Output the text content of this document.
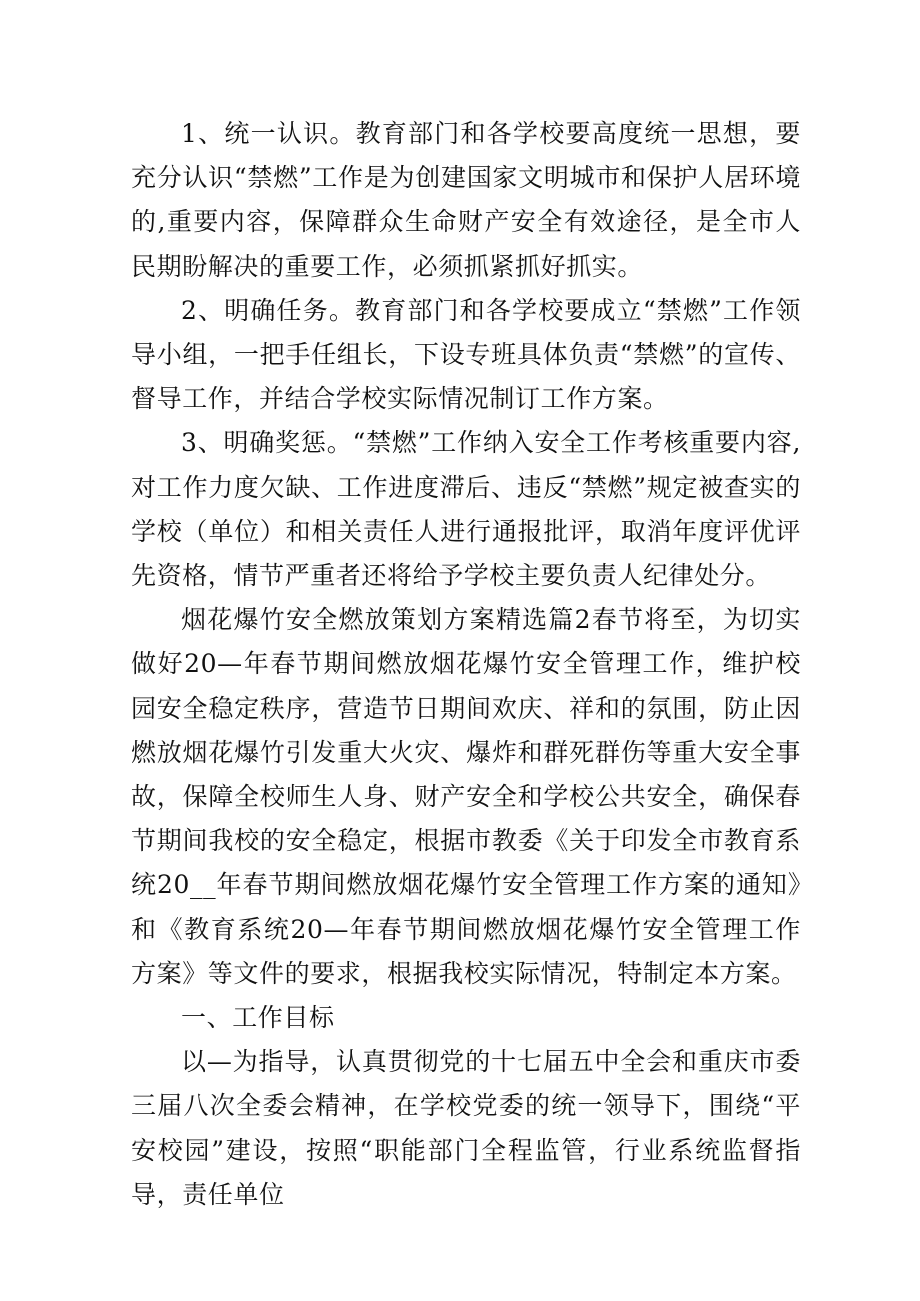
1、统一认识。教育部门和各学校要高度统一思想，要充分认识“禁燃”工作是为创建国家文明城市和保护人居环境的,重要内容，保障群众生命财产安全有效途径，是全市人民期盼解决的重要工作，必须抓紧抓好抓实。

2、明确任务。教育部门和各学校要成立“禁燃”工作领导小组，一把手任组长，下设专班具体负责“禁燃”的宣传、督导工作，并结合学校实际情况制订工作方案。

3、明确奖惩。“禁燃”工作纳入安全工作考核重要内容,对工作力度欠缺、工作进度滞后、违反“禁燃”规定被查实的学校（单位）和相关责任人进行通报批评，取消年度评优评先资格，情节严重者还将给予学校主要负责人纪律处分。

烟花爆竹安全燃放策划方案精选篇2春节将至，为切实做好20—年春节期间燃放烟花爆竹安全管理工作，维护校园安全稳定秩序，营造节日期间欢庆、祥和的氛围，防止因燃放烟花爆竹引发重大火灾、爆炸和群死群伤等重大安全事故，保障全校师生人身、财产安全和学校公共安全，确保春节期间我校的安全稳定，根据市教委《关于印发全市教育系统20__年春节期间燃放烟花爆竹安全管理工作方案的通知》和《教育系统20—年春节期间燃放烟花爆竹安全管理工作方案》等文件的要求，根据我校实际情况，特制定本方案。

一、工作目标

以—为指导，认真贯彻党的十七届五中全会和重庆市委三届八次全委会精神，在学校党委的统一领导下，围绕“平安校园”建设，按照“职能部门全程监管，行业系统监督指导，责任单位
